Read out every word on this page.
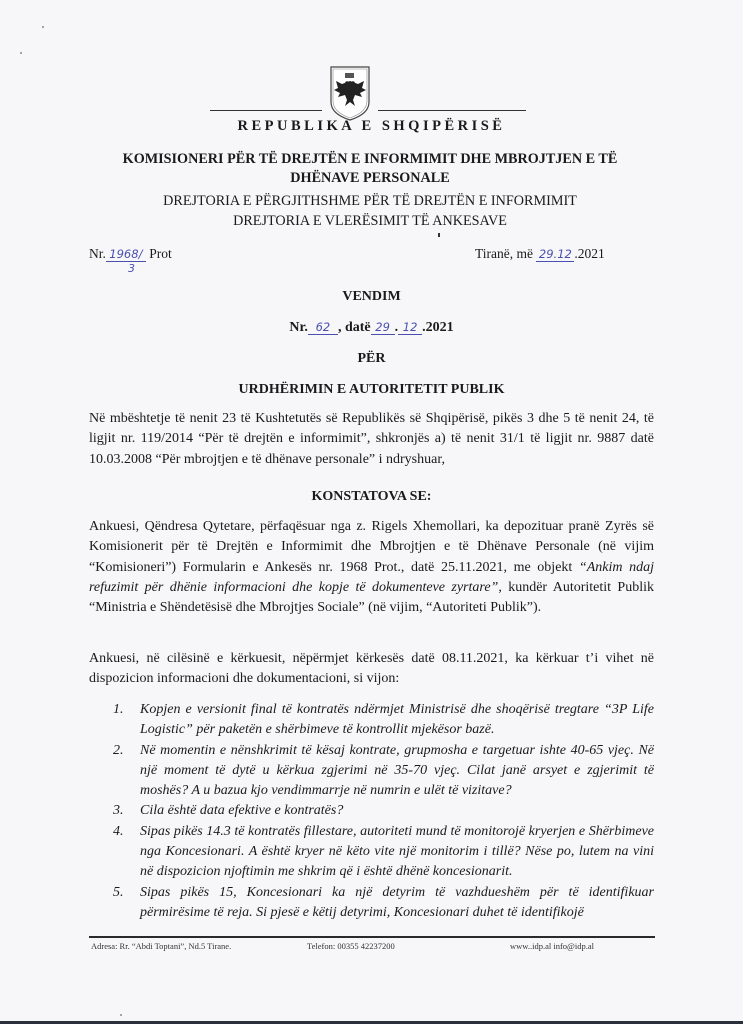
REPUBLIKA E SHQIPËRISË
KOMISIONERI PËR TË DREJTËN E INFORMIMIT DHE MBROJTJEN E TË
DHËNAVE PERSONALE
DREJTORIA E PËRGJITHSHME PËR TË DREJTËN E INFORMIMIT
DREJTORIA E VLERËSIMIT TË ANKESAVE
Nr. 1968/ Prot
3
Tiranë, më 29.12 .2021
VENDIM
Nr. 62 , datë 29 . 12 .2021
PËR
URDHËRIMIN E AUTORITETIT PUBLIK
Në mbështetje të nenit 23 të Kushtetutës së Republikës së Shqipërisë, pikës 3 dhe 5 të nenit 24, të ligjit nr. 119/2014 “Për të drejtën e informimit”, shkronjës a) të nenit 31/1 të ligjit nr. 9887 datë 10.03.2008 “Për mbrojtjen e të dhënave personale” i ndryshuar,
KONSTATOVA SE:
Ankuesi, Qëndresa Qytetare, përfaqësuar nga z. Rigels Xhemollari, ka depozituar pranë Zyrës së Komisionerit për të Drejtën e Informimit dhe Mbrojtjen e të Dhënave Personale (në vijim “Komisioneri”) Formularin e Ankesës nr. 1968 Prot., datë 25.11.2021, me objekt “Ankim ndaj refuzimit për dhënie informacioni dhe kopje të dokumenteve zyrtare”, kundër Autoritetit Publik “Ministria e Shëndetësisë dhe Mbrojtjes Sociale” (në vijim, “Autoriteti Publik”).
Ankuesi, në cilësinë e kërkuesit, nëpërmjet kërkesës datë 08.11.2021, ka kërkuar t’i vihet në dispozicion informacioni dhe dokumentacioni, si vijon:
1. Kopjen e versionit final të kontratës ndërmjet Ministrisë dhe shoqërisë tregtare “3P Life Logistic” për paketën e shërbimeve të kontrollit mjekësor bazë.
2. Në momentin e nënshkrimit të kësaj kontrate, grupmosha e targetuar ishte 40-65 vjeç. Në një moment të dytë u kërkua zgjerimi në 35-70 vjeç. Cilat janë arsyet e zgjerimit të moshës? A u bazua kjo vendimmarrje në numrin e ulët të vizitave?
3. Cila është data efektive e kontratës?
4. Sipas pikës 14.3 të kontratës fillestare, autoriteti mund të monitorojë kryerjen e Shërbimeve nga Koncesionari. A është kryer në këto vite një monitorim i tillë? Nëse po, lutem na vini në dispozicion njoftimin me shkrim që i është dhënë koncesionarit.
5. Sipas pikës 15, Koncesionari ka një detyrim të vazhdueshëm për të identifikuar përmirësime të reja. Si pjesë e këtij detyrimi, Koncesionari duhet të identifikojë
Adresa: Rr. “Abdi Toptani”, Nd.5 Tirane.	Telefon: 00355 42237200	www..idp.al info@idp.al
